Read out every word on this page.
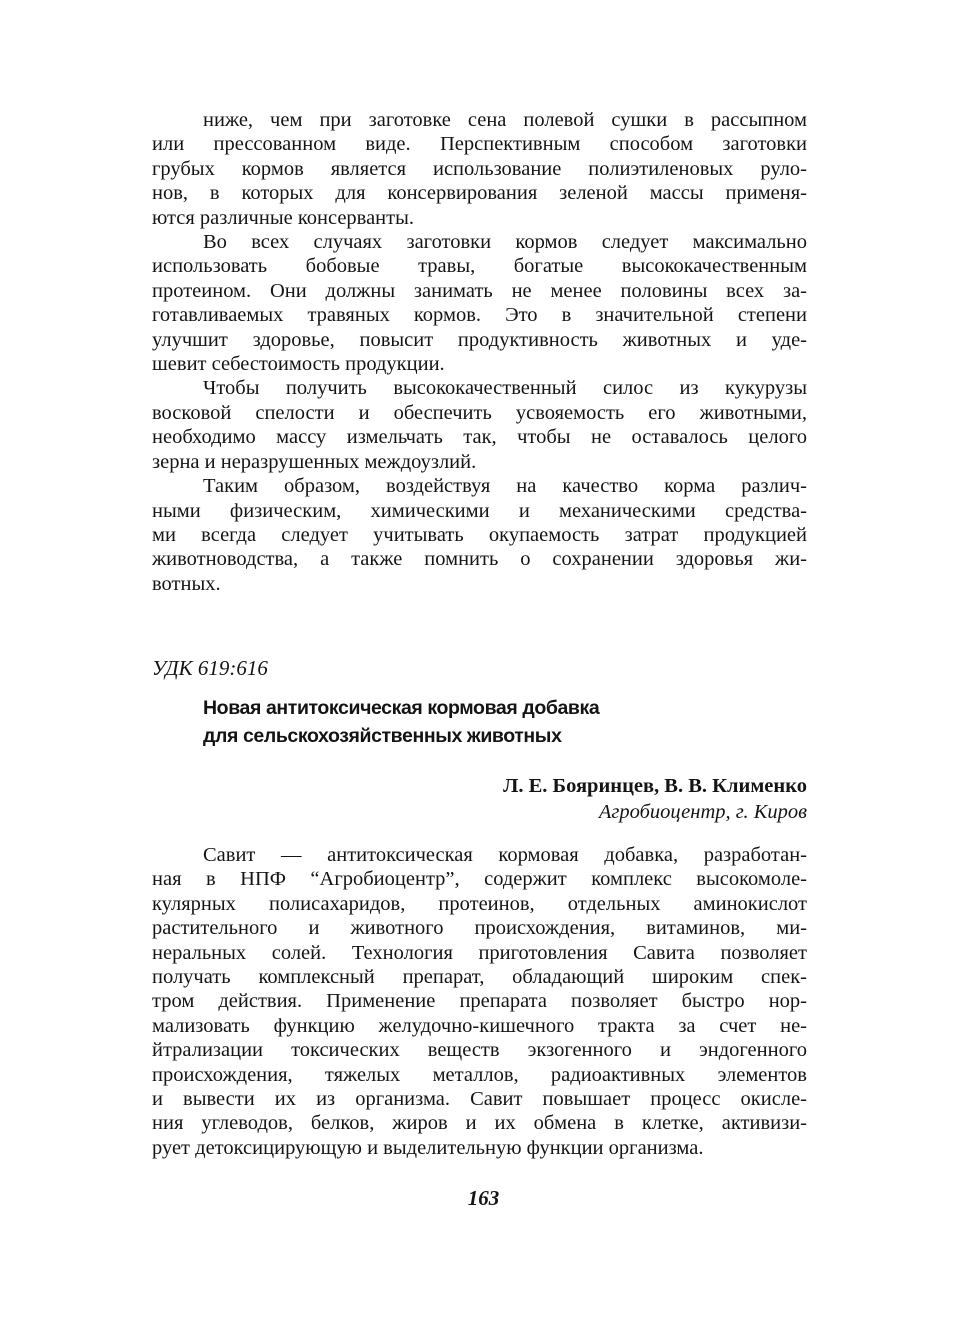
ниже, чем при заготовке сена полевой сушки в рассыпном
или прессованном виде. Перспективным способом заготовки
грубых кормов является использование полиэтиленовых руло-
нов, в которых для консервирования зеленой массы применя-
ются различные консерванты.

Во всех случаях заготовки кормов следует максимально
использовать бобовые травы, богатые высококачественным
протеином. Они должны занимать не менее половины всех за-
готавливаемых травяных кормов. Это в значительной степени
улучшит здоровье, повысит продуктивность животных и уде-
шевит себестоимость продукции.

Чтобы получить высококачественный силос из кукурузы
восковой спелости и обеспечить усвояемость его животными,
необходимо массу измельчать так, чтобы не оставалось целого
зерна и неразрушенных междоузлий.

Таким образом, воздействуя на качество корма различ-
ными физическим, химическими и механическими средства-
ми всегда следует учитывать окупаемость затрат продукцией
животноводства, а также помнить о сохранении здоровья жи-
вотных.

УДК 619:616

Новая антитоксическая кормовая добавка
для сельскохозяйственных животных

Л. Е. Бояринцев, В. В. Клименко

Агробиоцентр, г. Киров

Савит — антитоксическая кормовая добавка, разработан-
ная в НПФ “Агробиоцентр”, содержит комплекс высокомоле-
кулярных полисахаридов, протеинов, отдельных аминокислот
растительного и животного происхождения, витаминов, ми-
неральных солей. Технология приготовления Савита позволяет
получать комплексный препарат, обладающий широким спек-
тром действия. Применение препарата позволяет быстро нор-
мализовать функцию желудочно-кишечного тракта за счет не-
йтрализации токсических веществ экзогенного и эндогенного
происхождения, тяжелых металлов, радиоактивных элементов
и вывести их из организма. Савит повышает процесс окисле-
ния углеводов, белков, жиров и их обмена в клетке, активизи-
рует детоксицирующую и выделительную функции организма.

163
